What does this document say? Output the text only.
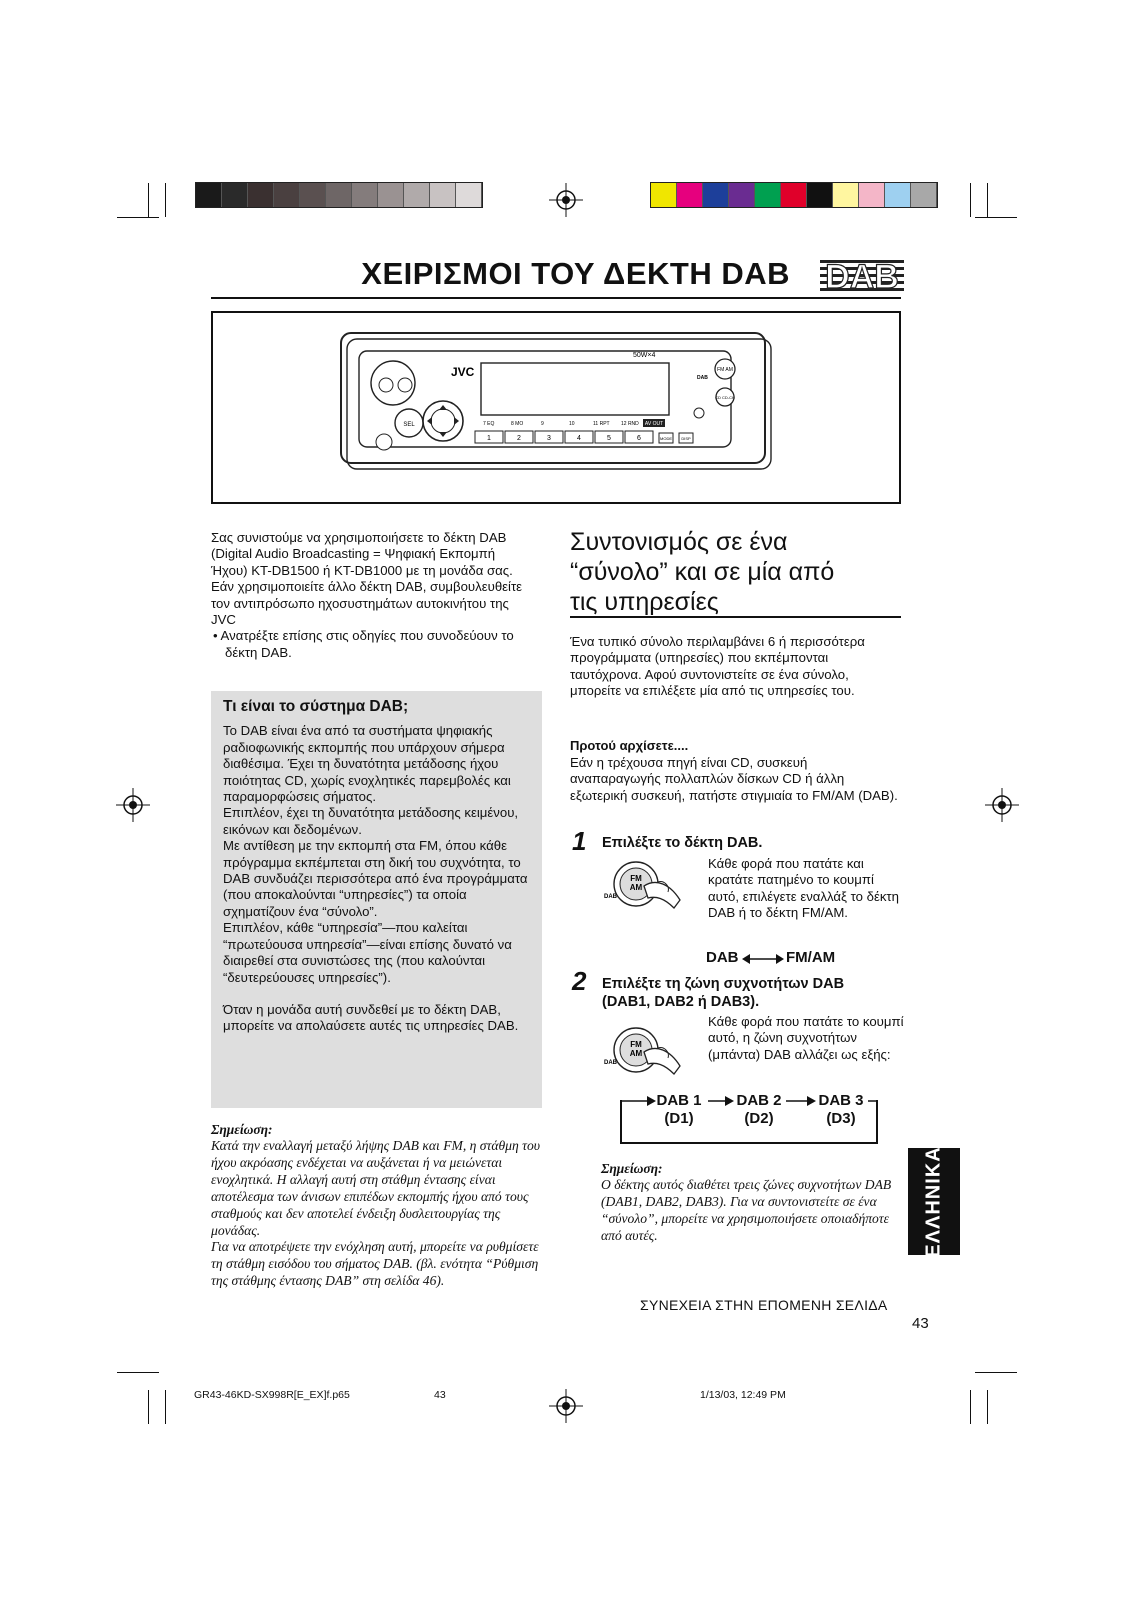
ΧΕΙΡΙΣΜΟΙ ΤΟΥ ΔΕΚΤΗ DAB DAB
SEL
JVC
50W×4
1	2	3	4	5	6
7 EQ	8 MO	9	10	11 RPT 12 RND AV OUT
MODE DISP
FM AM
DAB
CD CD-CH

Σας συνιστούμε να χρησιμοποιήσετε το δέκτη DAB (Digital Audio Broadcasting = Ψηφιακή Εκπομπή Ήχου) KT-DB1500 ή KT-DB1000 με τη μονάδα σας.

Εάν χρησιμοποιείτε άλλο δέκτη DAB, συμβουλευθείτε τον αντιπρόσωπο ηχοσυστημάτων αυτοκινήτου της JVC

• Ανατρέξτε επίσης στις οδηγίες που συνοδεύουν το δέκτη DAB.

Τι είναι το σύστημα DAB;

Το DAB είναι ένα από τα συστήματα ψηφιακής ραδιοφωνικής εκπομπής που υπάρχουν σήμερα διαθέσιμα. Έχει τη δυνατότητα μετάδοσης ήχου ποιότητας CD, χωρίς ενοχλητικές παρεμβολές και παραμορφώσεις σήματος.

Επιπλέον, έχει τη δυνατότητα μετάδοσης κειμένου, εικόνων και δεδομένων.

Με αντίθεση με την εκπομπή στα FM, όπου κάθε πρόγραμμα εκπέμπεται στη δική του συχνότητα, το DAB συνδυάζει περισσότερα από ένα προγράμματα (που αποκαλούνται “υπηρεσίες”) τα οποία σχηματίζουν ένα “σύνολο”.

Επιπλέον, κάθε “υπηρεσία”—που καλείται “πρωτεύουσα υπηρεσία”—είναι επίσης δυνατό να διαιρεθεί στα συνιστώσες της (που καλούνται “δευτερεύουσες υπηρεσίες”).

Όταν η μονάδα αυτή συνδεθεί με το δέκτη DAB, μπορείτε να απολαύσετε αυτές τις υπηρεσίες DAB.

Σημείωση:

Κατά την εναλλαγή μεταξύ λήψης DAB και FM, η στάθμη του ήχου ακρόασης ενδέχεται να αυξάνεται ή να μειώνεται ενοχλητικά. Η αλλαγή αυτή στη στάθμη έντασης είναι αποτέλεσμα των άνισων επιπέδων εκπομπής ήχου από τους σταθμούς και δεν αποτελεί ένδειξη δυσλειτουργίας της μονάδας.

Για να αποτρέψετε την ενόχληση αυτή, μπορείτε να ρυθμίσετε τη στάθμη εισόδου του σήματος DAB. (βλ. ενότητα “Ρύθμιση της στάθμης έντασης DAB” στη σελίδα 46).

Συντονισμός σε ένα
“σύνολο” και σε μία από
τις υπηρεσίες

Ένα τυπικό σύνολο περιλαμβάνει 6 ή περισσότερα προγράμματα (υπηρεσίες) που εκπέμπονται ταυτόχρονα. Αφού συντονιστείτε σε ένα σύνολο, μπορείτε να επιλέξετε μία από τις υπηρεσίες του.

Προτού αρχίσετε....

Εάν η τρέχουσα πηγή είναι CD, συσκευή αναπαραγωγής πολλαπλών δίσκων CD ή άλλη εξωτερική συσκευή, πατήστε στιγμιαία το FM/AM (DAB).

1 Επιλέξτε το δέκτη DAB.
FM
AM
DAB

Κάθε φορά που πατάτε και κρατάτε πατημένο το κουμπί αυτό, επιλέγετε εναλλάξ το δέκτη DAB ή το δέκτη FM/AM.

DAB	FM/AM
2 Επιλέξτε τη ζώνη συχνοτήτων DAB
(DAB1, DAB2 ή DAB3).
FM
AM
DAB

Κάθε φορά που πατάτε το κουμπί αυτό, η ζώνη συχνοτήτων (μπάντα) DAB αλλάζει ως εξής:

DAB 1
(D1)
DAB 2
(D2)
DAB 3
(D3)
Σημείωση:

Ο δέκτης αυτός διαθέτει τρεις ζώνες συχνοτήτων DAB (DAB1, DAB2, DAB3). Για να συντονιστείτε σε ένα “σύνολο”, μπορείτε να χρησιμοποιήσετε οποιαδήποτε από αυτές.	ΕΛΛΗΝΙΚΑ
ΣΥΝΕΧΕΙΑ ΣΤΗΝ ΕΠΟΜΕΝΗ ΣΕΛΙΔΑ
43
GR43-46KD-SX998R[E_EX]f.p65	43	1/13/03, 12:49 PM
